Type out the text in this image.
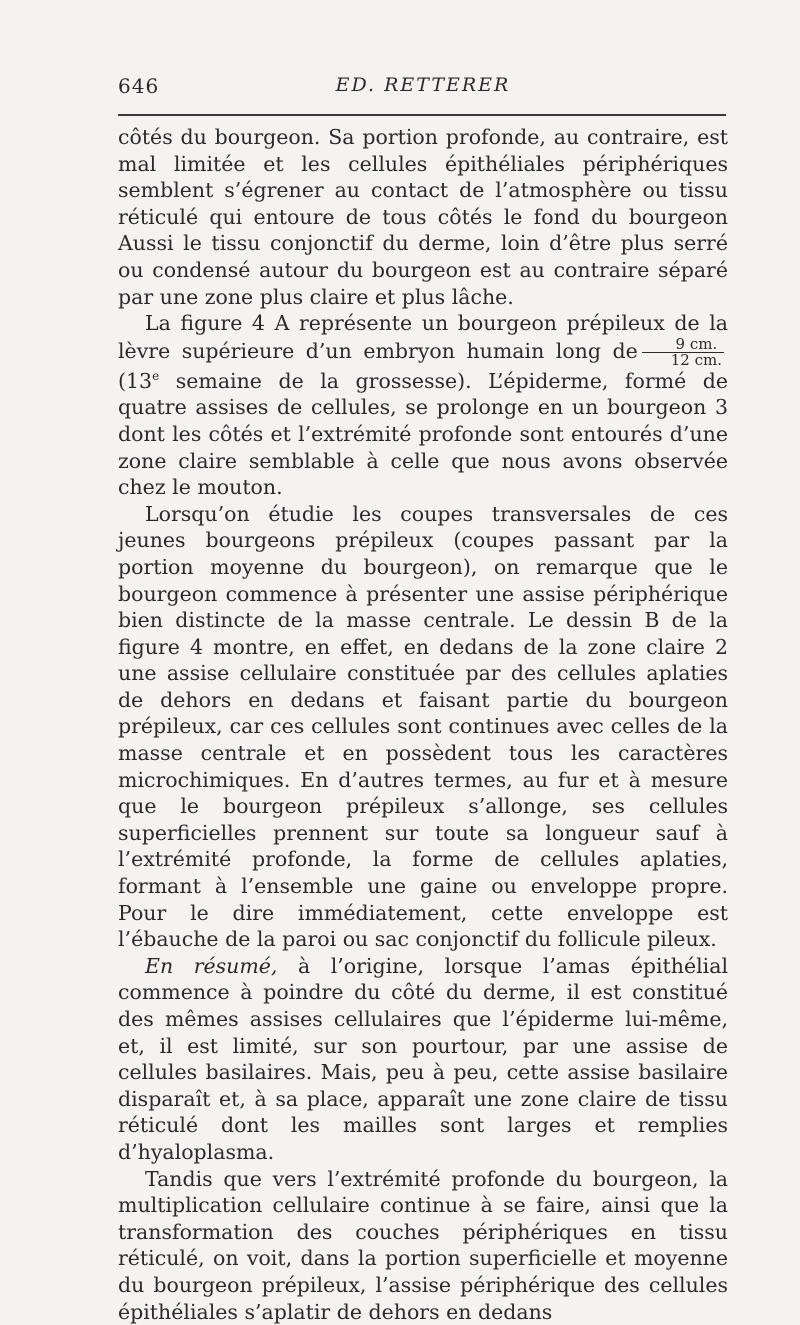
646	ED. RETTERER

côtés du bourgeon. Sa portion profonde, au contraire, est mal limitée et les cellules épithéliales périphériques semblent s’égrener au contact de l’atmosphère ou tissu réticulé qui entoure de tous côtés le fond du bourgeon Aussi le tissu conjonctif du derme, loin d’être plus serré ou condensé autour du bourgeon est au contraire séparé par une zone plus claire et plus lâche.

La figure 4 A représente un bourgeon prépileux de la lèvre supérieure d’un embryon humain long de $\frac{9 cm.}{12 cm.}$
(13e semaine de la grossesse). L’épiderme, formé de quatre assises de cellules, se prolonge en un bourgeon 3 dont les côtés et l’extrémité profonde sont entourés d’une zone claire semblable à celle que nous avons observée chez le mouton.

Lorsqu’on étudie les coupes transversales de ces jeunes bourgeons prépileux (coupes passant par la portion moyenne du bourgeon), on remarque que le bourgeon commence à présenter une assise périphérique bien distincte de la masse centrale. Le dessin B de la figure 4 montre, en effet, en dedans de la zone claire 2 une assise cellulaire constituée par des cellules aplaties de dehors en dedans et faisant partie du bourgeon prépileux, car ces cellules sont continues avec celles de la masse centrale et en possèdent tous les caractères microchimiques. En d’autres termes, au fur et à mesure que le bourgeon prépileux s’allonge, ses cellules superficielles prennent sur toute sa longueur sauf à l’extrémité profonde, la forme de cellules aplaties, formant à l’ensemble une gaine ou enveloppe propre. Pour le dire immédiatement, cette enveloppe est l’ébauche de la paroi ou sac conjonctif du follicule pileux.

En résumé, à l’origine, lorsque l’amas épithélial commence à poindre du côté du derme, il est constitué des mêmes assises cellulaires que l’épiderme lui-même, et, il est limité, sur son pourtour, par une assise de cellules basilaires. Mais, peu à peu, cette assise basilaire disparaît et, à sa place, apparaît une zone claire de tissu réticulé dont les mailles sont larges et remplies d’hyaloplasma.

Tandis que vers l’extrémité profonde du bourgeon, la multiplication cellulaire continue à se faire, ainsi que la transformation des couches périphériques en tissu réticulé, on voit, dans la portion superficielle et moyenne du bourgeon prépileux, l’assise périphérique des cellules épithéliales s’aplatir de dehors en dedans
